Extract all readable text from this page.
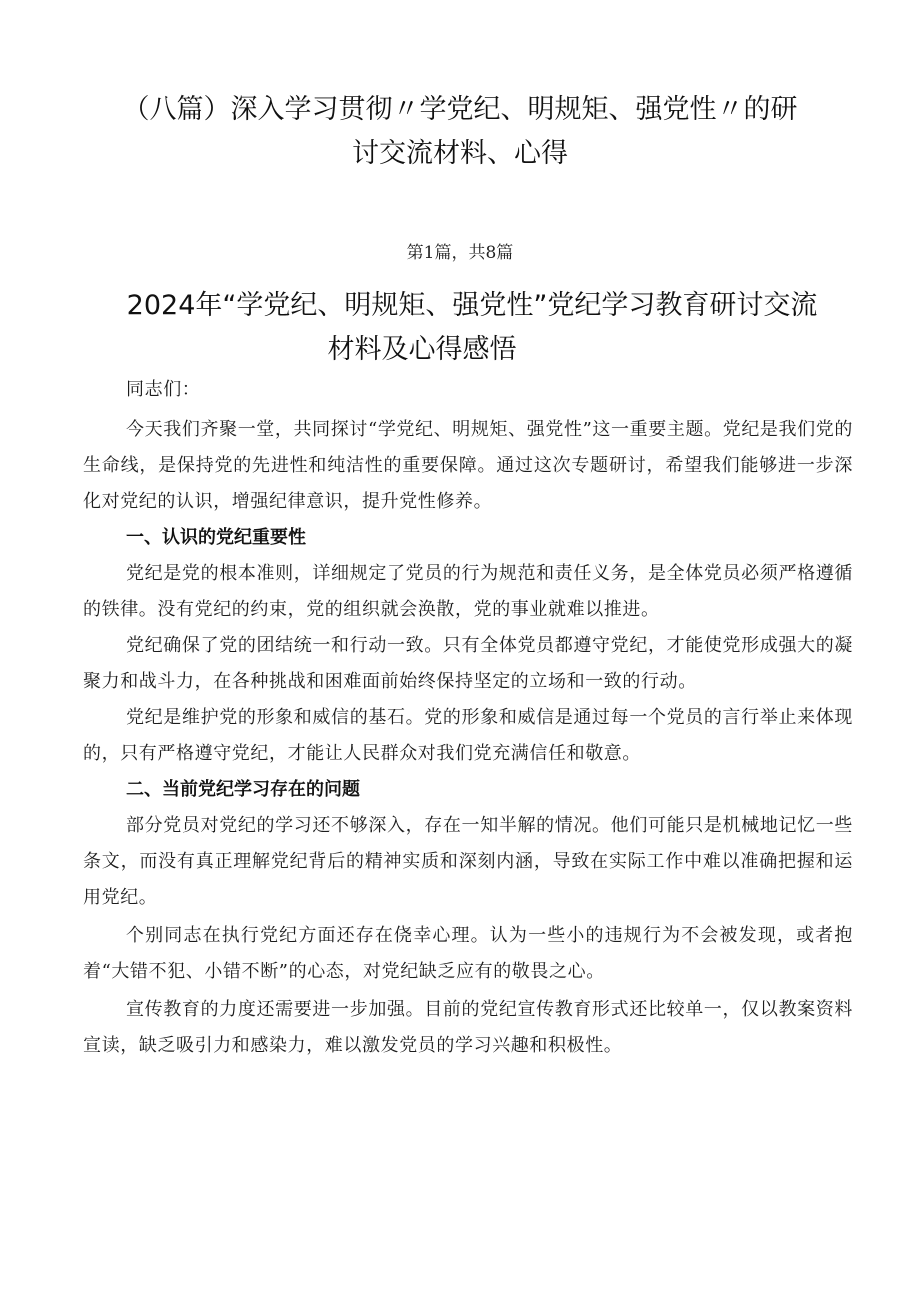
（八篇）深入学习贯彻〃学党纪、明规矩、强党性〃的研
讨交流材料、心得
第1篇，共8篇
2024年“学党纪、明规矩、强党性”党纪学习教育研讨交流
材料及心得感悟

同志们：

今天我们齐聚一堂，共同探讨“学党纪、明规矩、强党性”这一重要主题。党纪是我们党的生命线，是保持党的先进性和纯洁性的重要保障。通过这次专题研讨，希望我们能够进一步深化对党纪的认识，增强纪律意识，提升党性修养。

一、认识的党纪重要性

党纪是党的根本准则，详细规定了党员的行为规范和责任义务，是全体党员必须严格遵循的铁律。没有党纪的约束，党的组织就会涣散，党的事业就难以推进。

党纪确保了党的团结统一和行动一致。只有全体党员都遵守党纪，才能使党形成强大的凝聚力和战斗力，在各种挑战和困难面前始终保持坚定的立场和一致的行动。

党纪是维护党的形象和威信的基石。党的形象和威信是通过每一个党员的言行举止来体现的，只有严格遵守党纪，才能让人民群众对我们党充满信任和敬意。

二、当前党纪学习存在的问题

部分党员对党纪的学习还不够深入，存在一知半解的情况。他们可能只是机械地记忆一些条文，而没有真正理解党纪背后的精神实质和深刻内涵，导致在实际工作中难以准确把握和运用党纪。

个别同志在执行党纪方面还存在侥幸心理。认为一些小的违规行为不会被发现，或者抱着“大错不犯、小错不断”的心态，对党纪缺乏应有的敬畏之心。

宣传教育的力度还需要进一步加强。目前的党纪宣传教育形式还比较单一，仅以教案资料宣读，缺乏吸引力和感染力，难以激发党员的学习兴趣和积极性。
